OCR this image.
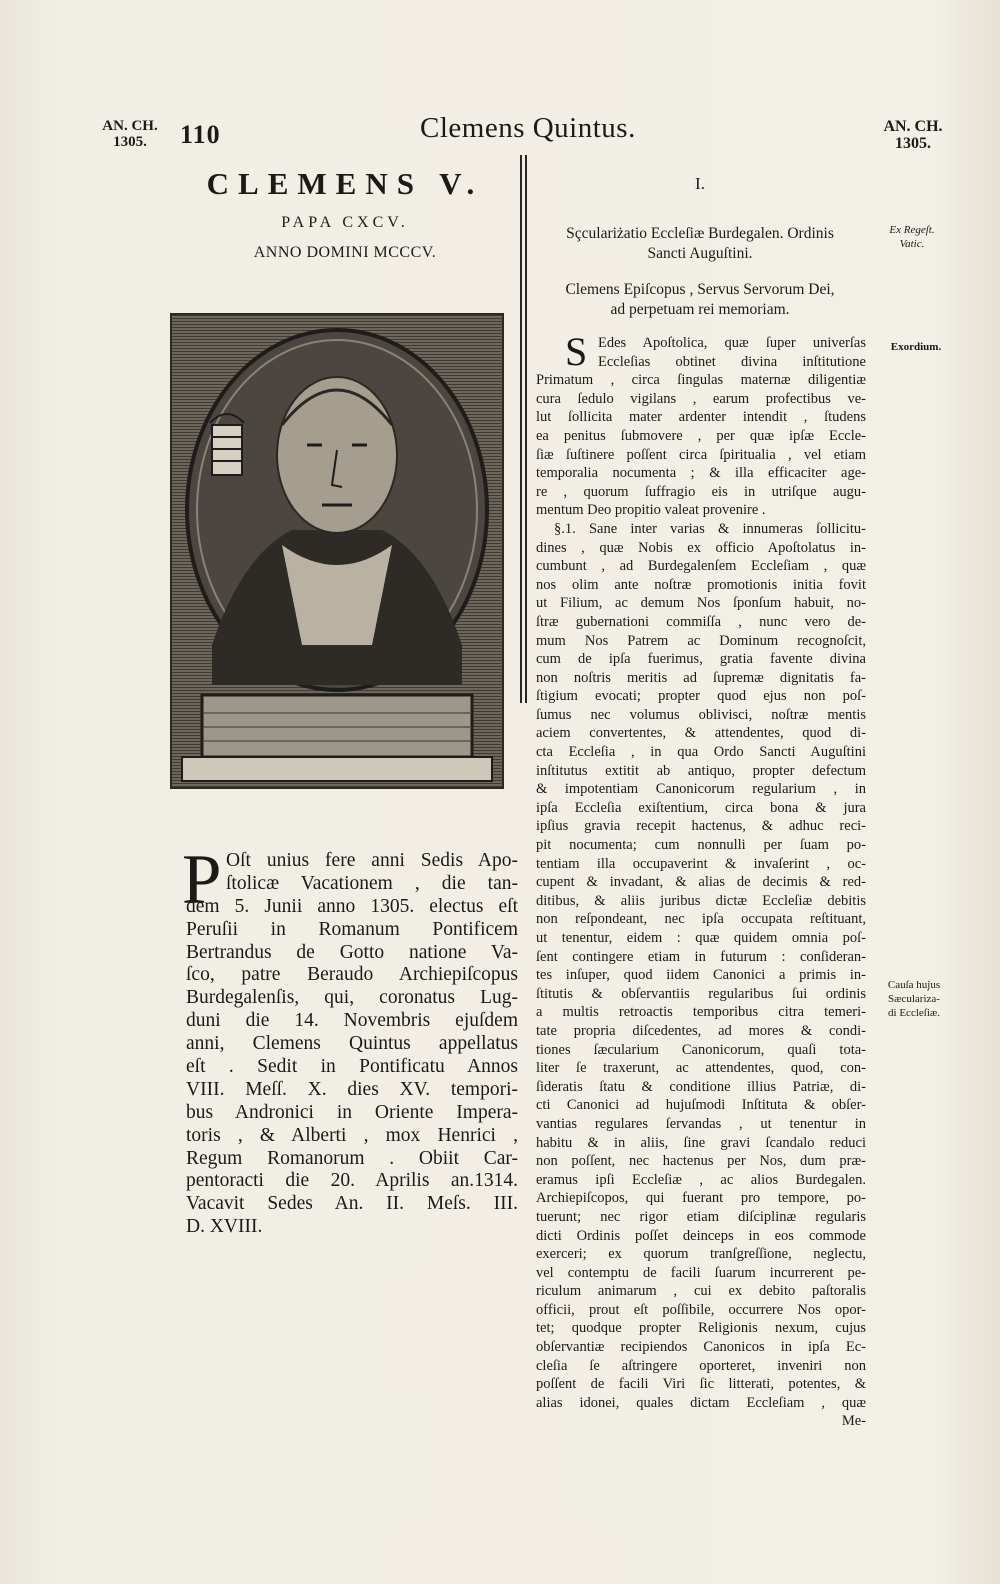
AN. CH.
1305.	110	Clemens Quintus.	AN. CH.
1305.
CLEMENS V.
PAPA CXCV.
ANNO DOMINI MCCCV.
P Oſt unius fere anni Sedis Apo-
ſtolicæ Vacationem , die tan-
dem 5. Junii anno 1305. electus eſt
Peruſii in Romanum Pontificem
Bertrandus de Gotto natione Va-
ſco, patre Beraudo Archiepiſcopus
Burdegalenſis, qui, coronatus Lug-
duni die 14. Novembris ejuſdem
anni, Clemens Quintus appellatus
eſt . Sedit in Pontificatu Annos
VIII. Meſſ. X. dies XV. tempori-
bus Andronici in Oriente Impera-
toris , & Alberti , mox Henrici ,
Regum Romanorum . Obiit Car-
pentoracti die 20. Aprilis an.1314.
Vacavit Sedes An. II. Meſs. III.
D. XVIII.
I.
Sçculariżatio Eccleſiæ Burdegalen. Ordinis
Sancti Auguſtini.
Clemens Epiſcopus , Servus Servorum Dei,
ad perpetuam rei memoriam.
S Edes Apoſtolica, quæ ſuper univerſas
Eccleſias obtinet divina inſtitutione
Primatum , circa ſingulas maternæ diligentiæ
cura ſedulo vigilans , earum profectibus ve-
lut ſollicita mater ardenter intendit , ſtudens
ea penitus ſubmovere , per quæ ipſæ Eccle-
ſiæ ſuſtinere poſſent circa ſpiritualia , vel etiam
temporalia nocumenta ; & illa efficaciter age-
re , quorum ſuffragio eis in utriſque augu-
mentum Deo propitio valeat provenire .
§.1. Sane inter varias & innumeras ſollicitu-
dines , quæ Nobis ex officio Apoſtolatus in-
cumbunt , ad Burdegalenſem Eccleſiam , quæ
nos olim ante noſtræ promotionis initia fovit
ut Filium, ac demum Nos ſponſum habuit, no-
ſtræ gubernationi commiſſa , nunc vero de-
mum Nos Patrem ac Dominum recognoſcit,
cum de ipſa fuerimus, gratia favente divina
non noſtris meritis ad ſupremæ dignitatis fa-
ſtigium evocati; propter quod ejus non poſ-
ſumus nec volumus oblivisci, noſtræ mentis
aciem convertentes, & attendentes, quod di-
cta Eccleſia , in qua Ordo Sancti Auguſtini
inſtitutus extitit ab antiquo, propter defectum
& impotentiam Canonicorum regularium , in
ipſa Eccleſia exiſtentium, circa bona & jura
ipſius gravia recepit hactenus, & adhuc reci-
pit nocumenta; cum nonnulli per ſuam po-
tentiam illa occupaverint & invaſerint , oc-
cupent & invadant, & alias de decimis & red-
ditibus, & aliis juribus dictæ Eccleſiæ debitis
non reſpondeant, nec ipſa occupata reſtituant,
ut tenentur, eidem : quæ quidem omnia poſ-
ſent contingere etiam in futurum : conſideran-
tes inſuper, quod iidem Canonici a primis in-
ſtitutis & obſervantiis regularibus ſui ordinis
a multis retroactis temporibus citra temeri-
tate propria diſcedentes, ad mores & condi-
tiones ſæcularium Canonicorum, quaſi tota-
liter ſe traxerunt, ac attendentes, quod, con-
ſideratis ſtatu & conditione illius Patriæ, di-
cti Canonici ad hujuſmodi Inſtituta & obſer-
vantias regulares ſervandas , ut tenentur in
habitu & in aliis, ſine gravi ſcandalo reduci
non poſſent, nec hactenus per Nos, dum præ-
eramus ipſi Eccleſiæ , ac alios Burdegalen.
Archiepiſcopos, qui fuerant pro tempore, po-
tuerunt; nec rigor etiam diſciplinæ regularis
dicti Ordinis poſſet deinceps in eos commode
exerceri; ex quorum tranſgreſſione, neglectu,
vel contemptu de facili ſuarum incurrerent pe-
riculum animarum , cui ex debito paſtoralis
officii, prout eſt poſſibile, occurrere Nos opor-
tet; quodque propter Religionis nexum, cujus
obſervantiæ recipiendos Canonicos in ipſa Ec-
cleſia ſe aſtringere oporteret, inveniri non
poſſent de facili Viri ſic litterati, potentes, &
alias idonei, quales dictam Eccleſiam , quæ
Me-
Ex Regeſt.
Vatic.
Exordium.
Cauſa hujus
Sæculariza-
di Eccleſiæ.
